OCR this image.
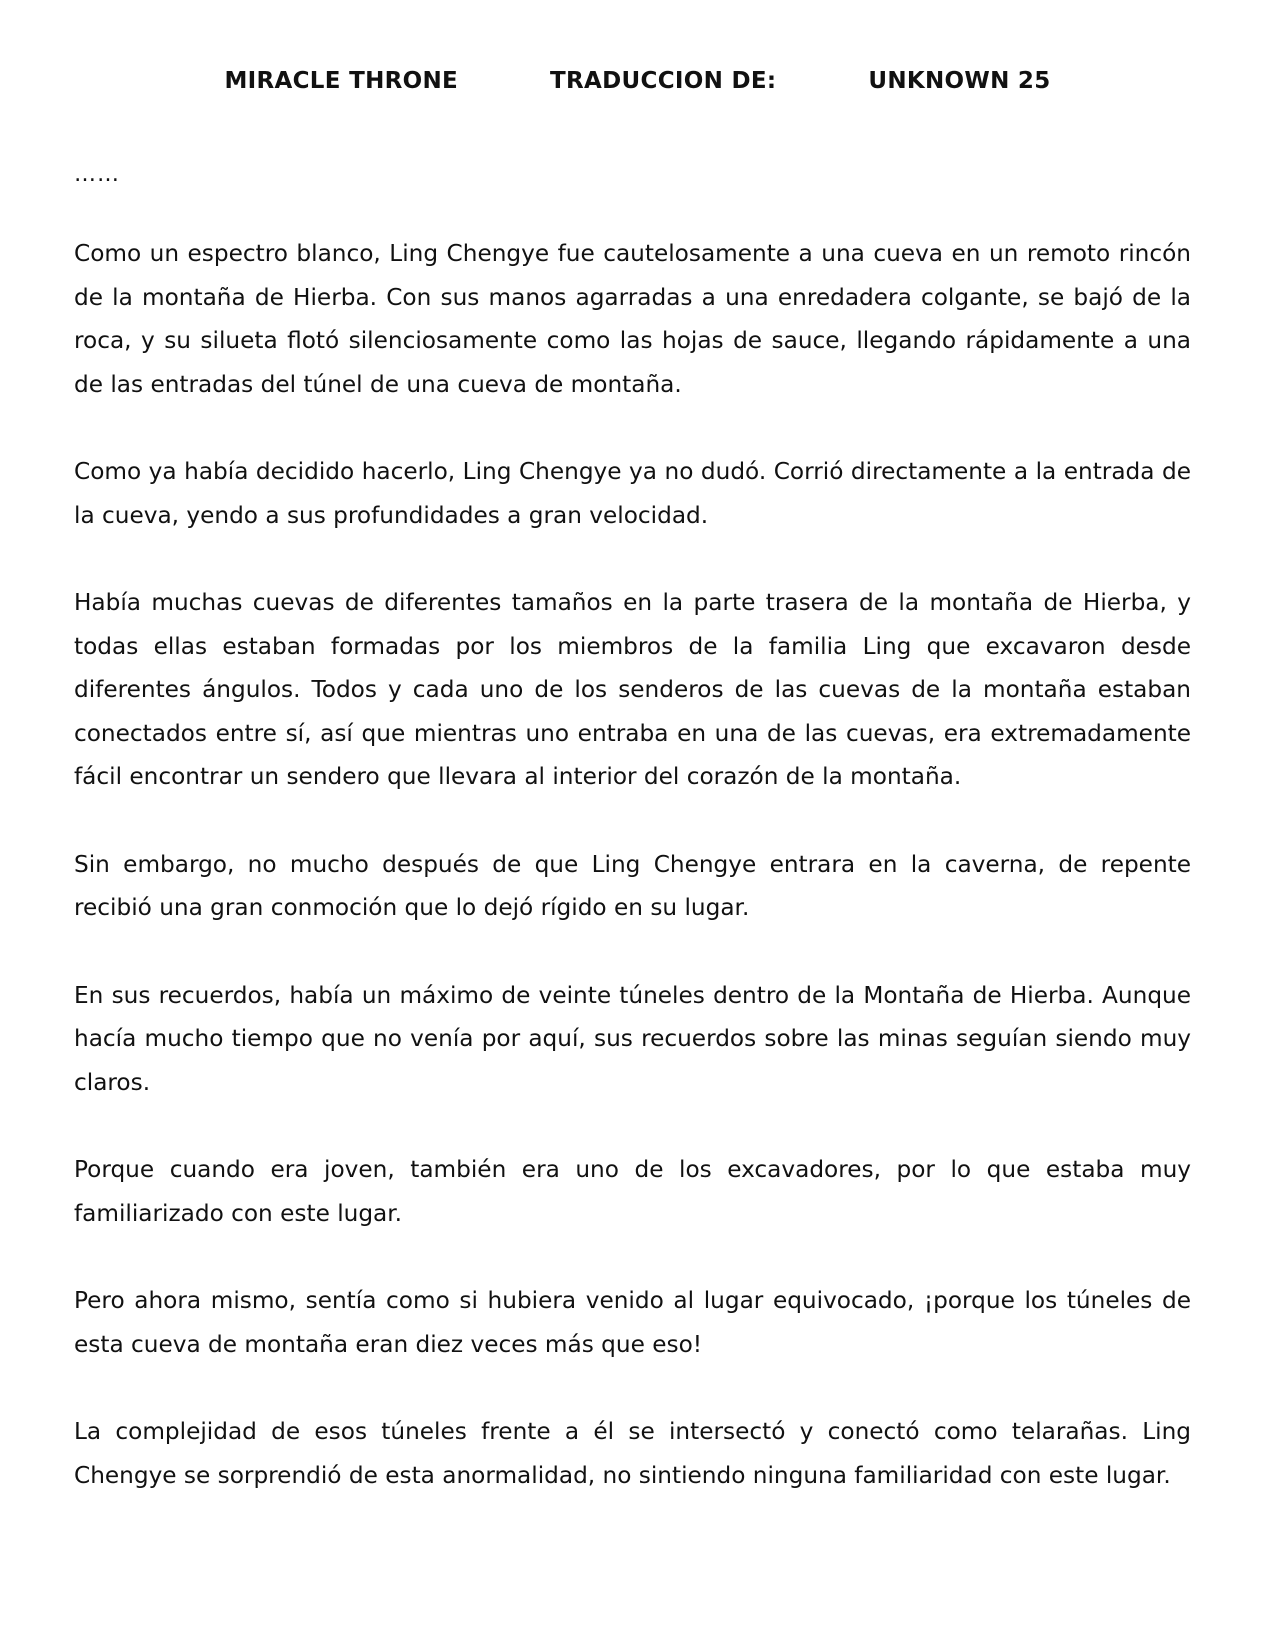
MIRACLE THRONE	TRADUCCION DE:	UNKNOWN 25
……

Como un espectro blanco, Ling Chengye fue cautelosamente a una cueva en un remoto rincón de la montaña de Hierba. Con sus manos agarradas a una enredadera colgante, se bajó de la roca, y su silueta flotó silenciosamente como las hojas de sauce, llegando rápidamente a una de las entradas del túnel de una cueva de montaña.

Como ya había decidido hacerlo, Ling Chengye ya no dudó. Corrió directamente a la entrada de la cueva, yendo a sus profundidades a gran velocidad.

Había muchas cuevas de diferentes tamaños en la parte trasera de la montaña de Hierba, y todas ellas estaban formadas por los miembros de la familia Ling que excavaron desde diferentes ángulos. Todos y cada uno de los senderos de las cuevas de la montaña estaban conectados entre sí, así que mientras uno entraba en una de las cuevas, era extremadamente fácil encontrar un sendero que llevara al interior del corazón de la montaña.

Sin embargo, no mucho después de que Ling Chengye entrara en la caverna, de repente recibió una gran conmoción que lo dejó rígido en su lugar.

En sus recuerdos, había un máximo de veinte túneles dentro de la Montaña de Hierba. Aunque hacía mucho tiempo que no venía por aquí, sus recuerdos sobre las minas seguían siendo muy claros.

Porque cuando era joven, también era uno de los excavadores, por lo que estaba muy familiarizado con este lugar.

Pero ahora mismo, sentía como si hubiera venido al lugar equivocado, ¡porque los túneles de esta cueva de montaña eran diez veces más que eso!

La complejidad de esos túneles frente a él se intersectó y conectó como telarañas. Ling Chengye se sorprendió de esta anormalidad, no sintiendo ninguna familiaridad con este lugar.
